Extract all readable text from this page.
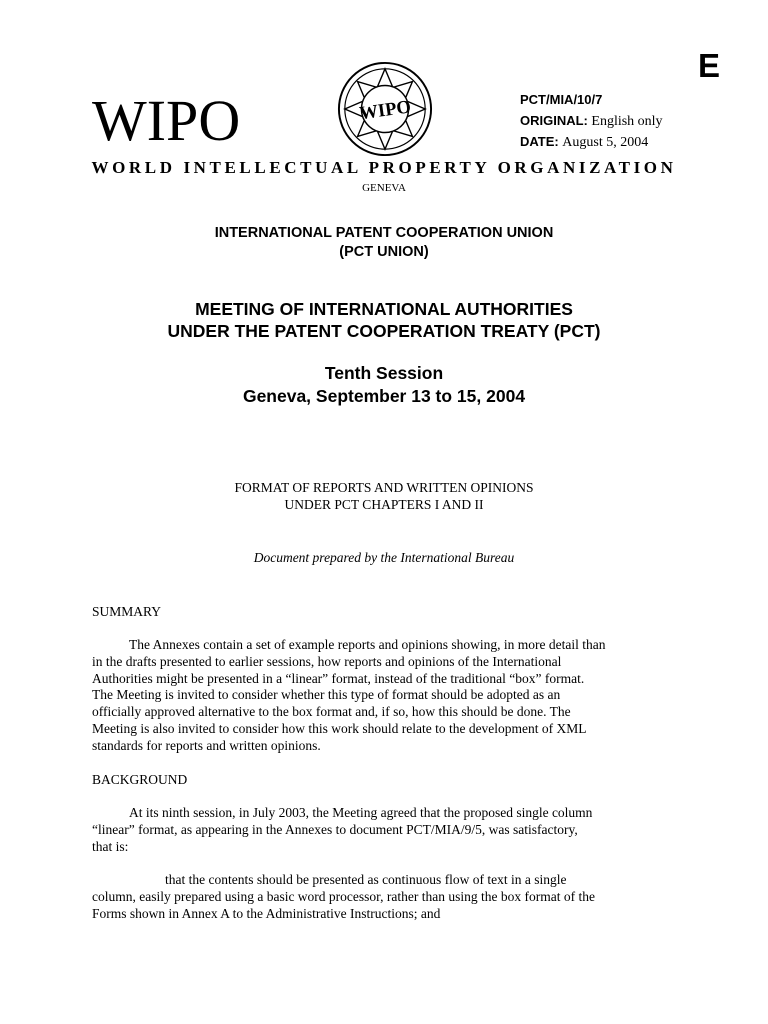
E
WIPO	WIPO	PCT/MIA/10/7
ORIGINAL: English only
DATE: August 5, 2004
WORLD INTELLECTUAL PROPERTY ORGANIZATION
GENEVA
INTERNATIONAL PATENT COOPERATION UNION
(PCT UNION)
MEETING OF INTERNATIONAL AUTHORITIES
UNDER THE PATENT COOPERATION TREATY (PCT)
Tenth Session
Geneva, September 13 to 15, 2004
FORMAT OF REPORTS AND WRITTEN OPINIONS
UNDER PCT CHAPTERS I AND II
Document prepared by the International Bureau
SUMMARY
The Annexes contain a set of example reports and opinions showing, in more detail than
in the drafts presented to earlier sessions, how reports and opinions of the International
Authorities might be presented in a “linear” format, instead of the traditional “box” format.
The Meeting is invited to consider whether this type of format should be adopted as an
officially approved alternative to the box format and, if so, how this should be done. The
Meeting is also invited to consider how this work should relate to the development of XML
standards for reports and written opinions.
BACKGROUND
At its ninth session, in July 2003, the Meeting agreed that the proposed single column
“linear” format, as appearing in the Annexes to document PCT/MIA/9/5, was satisfactory,
that is:
that the contents should be presented as continuous flow of text in a single
column, easily prepared using a basic word processor, rather than using the box format of the
Forms shown in Annex A to the Administrative Instructions; and
